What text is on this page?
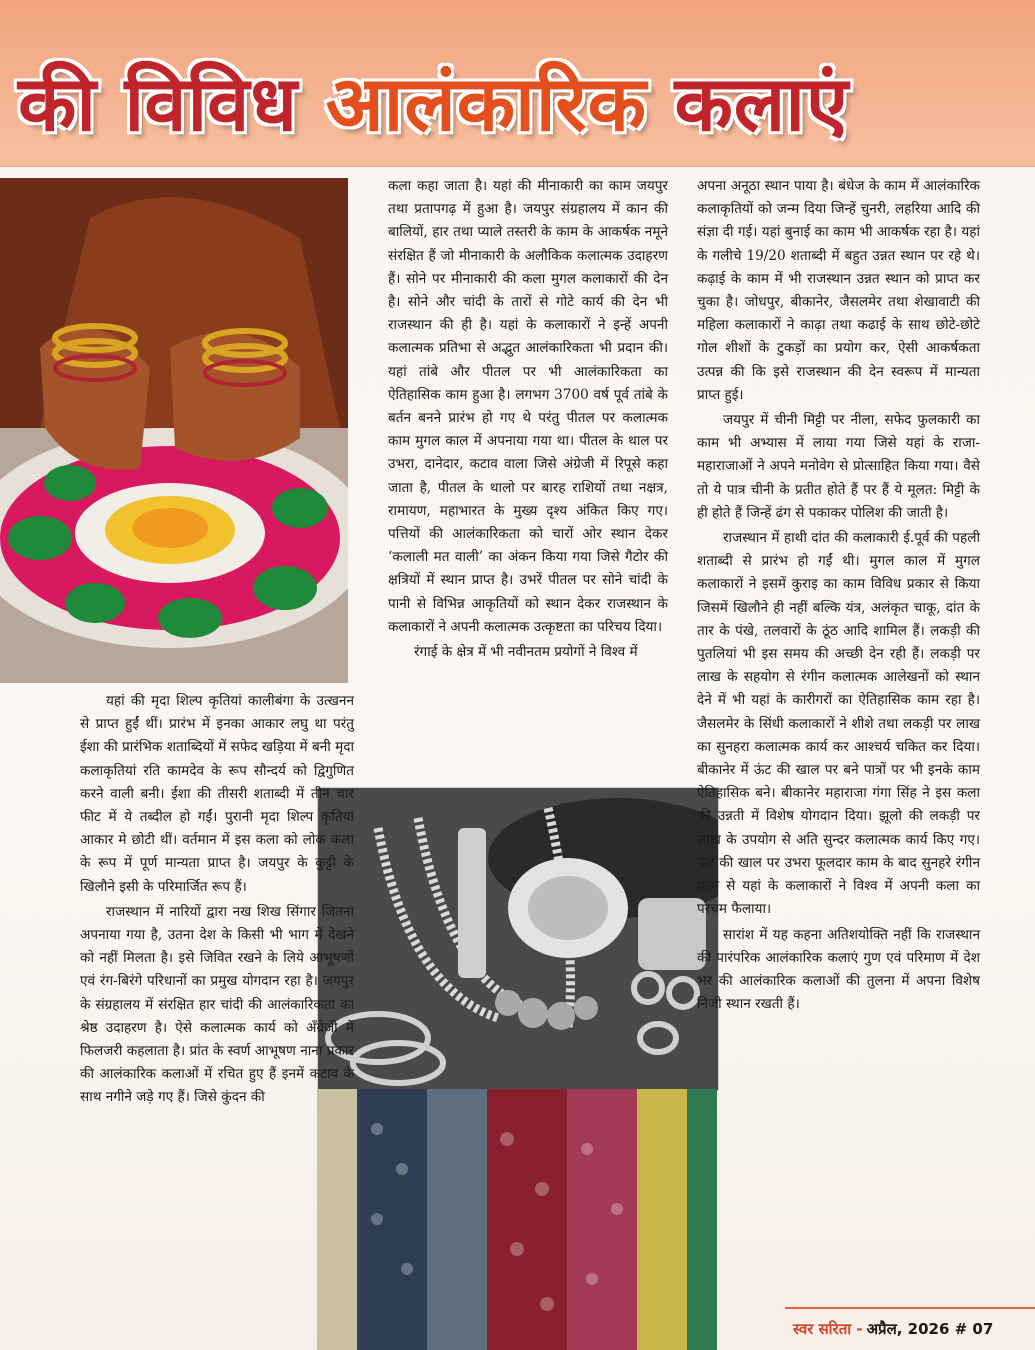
की विविध आलंकारिक कलाएं

यहां की मृदा शिल्प कृतियां कालीबंगा के उत्खनन से प्राप्त हुईं थीं। प्रारंभ में इनका आकार लघु था परंतु ईशा की प्रारंभिक शताब्दियों में सफेद खड़िया में बनी मृदा कलाकृतियां रति कामदेव के रूप सौन्दर्य को द्विगुणित करने वाली बनी। ईशा की तीसरी शताब्दी में तीन चार फीट में ये तब्दील हो गईं। पुरानी मृदा शिल्प कृतियां आकार मे छोटी थीं। वर्तमान में इस कला को लोक कला के रूप में पूर्ण मान्यता प्राप्त है। जयपुर के कुट्टी के खिलौने इसी के परिमार्जित रूप हैं।

राजस्थान में नारियों द्वारा नख शिख सिंगार जितना अपनाया गया है, उतना देश के किसी भी भाग में देखने को नहीं मिलता है। इसे जिवित रखने के लिये आभूषणों एवं रंग-बिरंगे परिधानों का प्रमुख योगदान रहा है। जयपुर के संग्रहालय में संरक्षित हार चांदी की आलंकारिकता का श्रेष्ठ उदाहरण है। ऐसे कलात्मक कार्य को अँग्रेजी में फिलजरी कहलाता है। प्रांत के स्वर्ण आभूषण नाना प्रकार की आलंकारिक कलाओं में रचित हुए हैं इनमें कटाव के साथ नगीने जड़े गए हैं। जिसे कुंदन की

कला कहा जाता है। यहां की मीनाकारी का काम जयपुर तथा प्रतापगढ़ में हुआ है। जयपुर संग्रहालय में कान की बालियों, हार तथा प्याले तस्तरी के काम के आकर्षक नमूने संरक्षित हैं जो मीनाकारी के अलौकिक कलात्मक उदाहरण हैं। सोने पर मीनाकारी की कला मुगल कलाकारों की देन है। सोने और चांदी के तारों से गोटे कार्य की देन भी राजस्थान की ही है। यहां के कलाकारों ने इन्हें अपनी कलात्मक प्रतिभा से अद्भुत आलंकारिकता भी प्रदान की। यहां तांबे और पीतल पर भी आलंकारिकता का ऐतिहासिक काम हुआ है। लगभग 3700 वर्ष पूर्व तांबे के बर्तन बनने प्रारंभ हो गए थे परंतु पीतल पर कलात्मक काम मुगल काल में अपनाया गया था। पीतल के थाल पर उभरा, दानेदार, कटाव वाला जिसे अंग्रेजी में रिपूसे कहा जाता है, पीतल के थालो पर बारह राशियों तथा नक्षत्र, रामायण, महाभारत के मुख्य दृश्य अंकित किए गए। पत्तियों की आलंकारिकता को चारों ओर स्थान देकर ‘कलाली मत वाली’ का अंकन किया गया जिसे गैटोर की क्षत्रियों में स्थान प्राप्त है। उभरें पीतल पर सोने चांदी के पानी से विभिन्न आकृतियों को स्थान देकर राजस्थान के कलाकारों ने अपनी कलात्मक उत्कृष्टता का परिचय दिया।

रंगाई के क्षेत्र में भी नवीनतम प्रयोगों ने विश्व में

अपना अनूठा स्थान पाया है। बंधेज के काम में आलंकारिक कलाकृतियों को जन्म दिया जिन्हें चुनरी, लहरिया आदि की संज्ञा दी गई। यहां बुनाई का काम भी आकर्षक रहा है। यहां के गलीचे 19/20 शताब्दी में बहुत उन्नत स्थान पर रहे थे। कढ़ाई के काम में भी राजस्थान उन्नत स्थान को प्राप्त कर चुका है। जोधपुर, बीकानेर, जैसलमेर तथा शेखावाटी की महिला कलाकारों ने काढ़ा तथा कढाई के साथ छोटे-छोटे गोल शीशों के टुकड़ों का प्रयोग कर, ऐसी आकर्षकता उत्पन्न की कि इसे राजस्थान की देन स्वरूप में मान्यता प्राप्त हुई।

जयपुर में चीनी मिट्टी पर नीला, सफेद फुलकारी का काम भी अभ्यास में लाया गया जिसे यहां के राजा-महाराजाओं ने अपने मनोवेग से प्रोत्साहित किया गया। वैसे तो ये पात्र चीनी के प्रतीत होते हैं पर हैं ये मूलत: मिट्टी के ही होते हैं जिन्हें ढंग से पकाकर पोलिश की जाती है।

राजस्थान में हाथी दांत की कलाकारी ई.पूर्व की पहली शताब्दी से प्रारंभ हो गईं थी। मुगल काल में मुगल कलाकारों ने इसमें कुराइ का काम विविध प्रकार से किया जिसमें खिलौने ही नहीं बल्कि यंत्र, अलंकृत चाकू, दांत के तार के पंखे, तलवारों के ठूंठ आदि शामिल हैं। लकड़ी की पुतलियां भी इस समय की अच्छी देन रही हैं। लकड़ी पर लाख के सहयोग से रंगीन कलात्मक आलेखनों को स्थान देने में भी यहां के कारीगरों का ऐतिहासिक काम रहा है। जैसलमेर के सिंधी कलाकारों ने शीशे तथा लकड़ी पर लाख का सुनहरा कलात्मक कार्य कर आश्चर्य चकित कर दिया। बीकानेर में ऊंट की खाल पर बने पात्रों पर भी इनके काम ऐतिहासिक बने। बीकानेर महाराजा गंगा सिंह ने इस कला की उन्नती में विशेष योगदान दिया। झूलो की लकड़ी पर लाख के उपयोग से अति सुन्दर कलात्मक कार्य किए गए। ऊंट की खाल पर उभरा फूलदार काम के बाद सुनहरे रंगीन काम से यहां के कलाकारों ने विश्व में अपनी कला का परचम फैलाया।

सारांश में यह कहना अतिशयोक्ति नहीं कि राजस्थान की पारंपरिक आलंकारिक कलाएं गुण एवं परिमाण में देश भर की आलंकारिक कलाओं की तुलना में अपना विशेष निजी स्थान रखती हैं।

स्वर सरिता - अप्रैल, 2026 # 07
